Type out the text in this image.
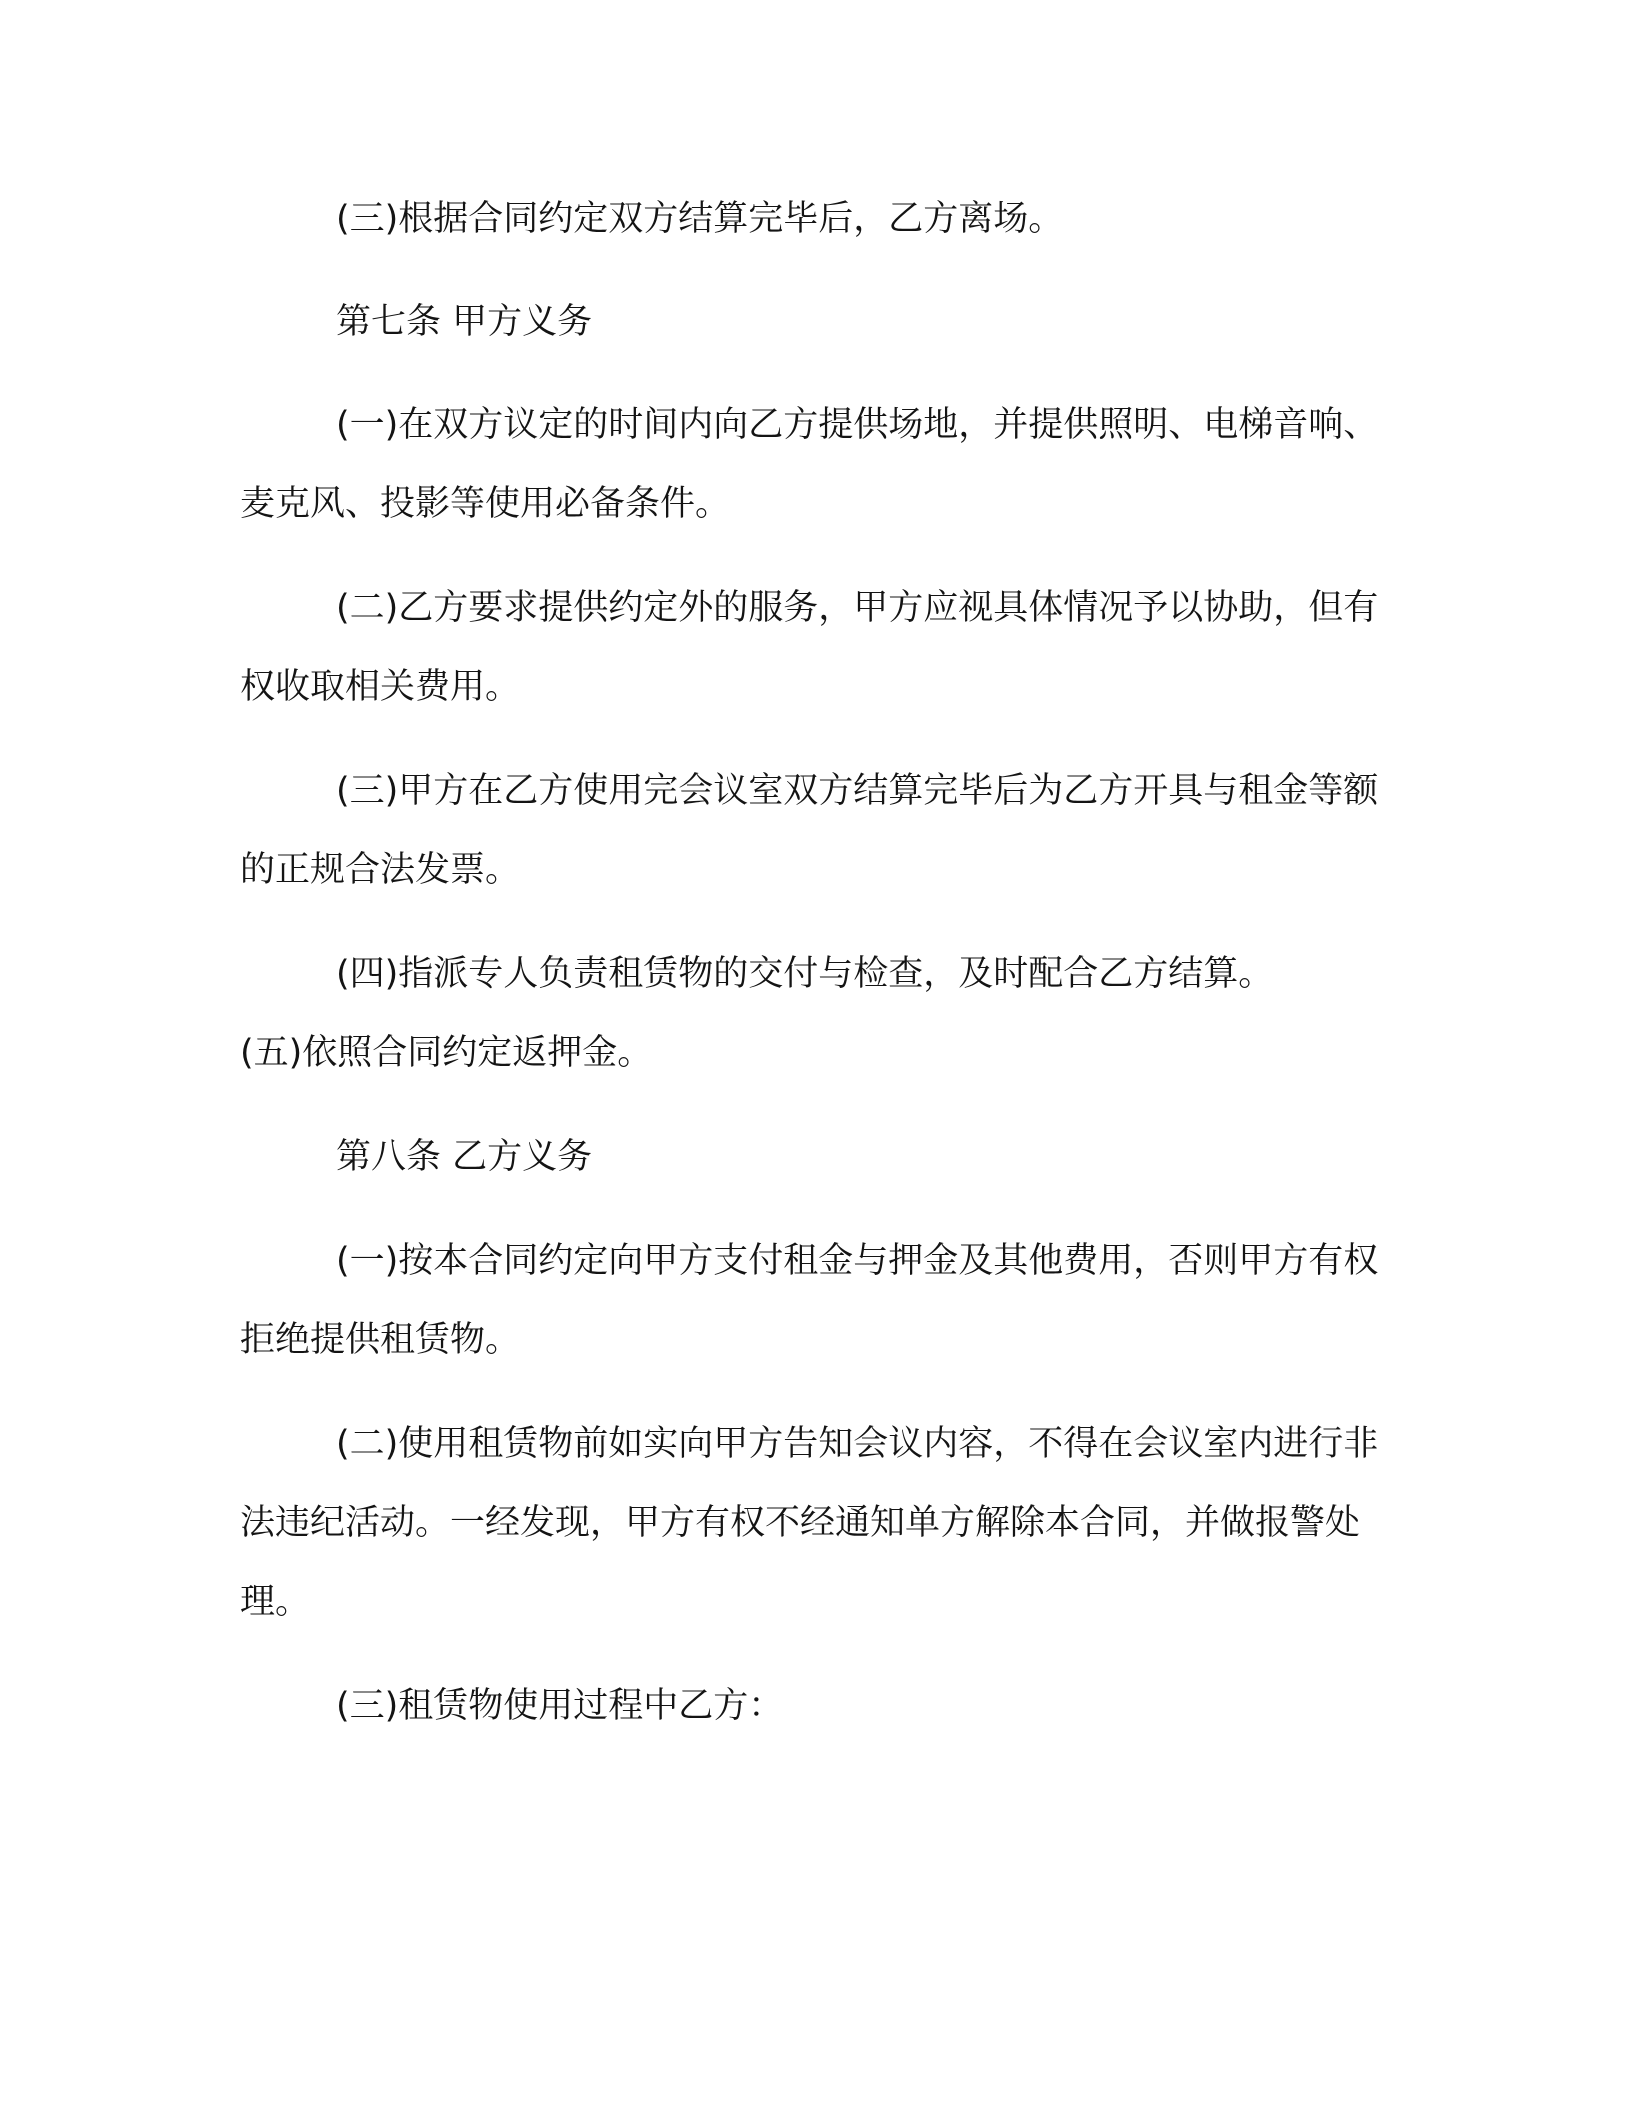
(三)根据合同约定双方结算完毕后，乙方离场。

第七条 甲方义务

(一)在双方议定的时间内向乙方提供场地，并提供照明、电梯音响、麦克风、投影等使用必备条件。

(二)乙方要求提供约定外的服务，甲方应视具体情况予以协助，但有权收取相关费用。

(三)甲方在乙方使用完会议室双方结算完毕后为乙方开具与租金等额的正规合法发票。

(四)指派专人负责租赁物的交付与检查，及时配合乙方结算。

(五)依照合同约定返押金。

第八条 乙方义务

(一)按本合同约定向甲方支付租金与押金及其他费用，否则甲方有权拒绝提供租赁物。

(二)使用租赁物前如实向甲方告知会议内容，不得在会议室内进行非法违纪活动。一经发现，甲方有权不经通知单方解除本合同，并做报警处理。

(三)租赁物使用过程中乙方：
